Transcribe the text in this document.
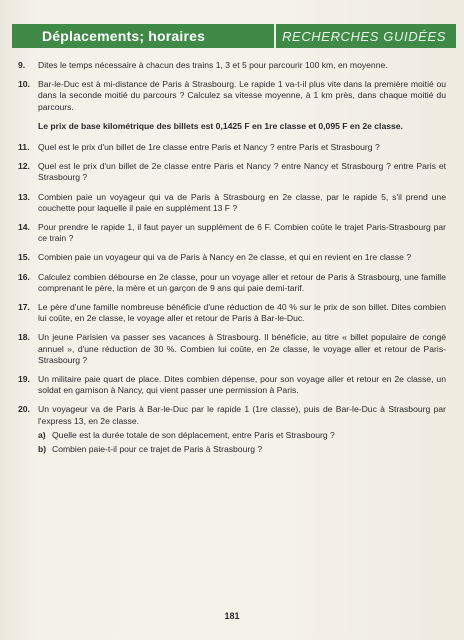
Déplacements; horaires	RECHERCHES GUIDÉES
9.	Dites le temps nécessaire à chacun des trains 1, 3 et 5 pour parcourir 100 km, en moyenne.
10. Bar-le-Duc est à mi-distance de Paris à Strasbourg. Le rapide 1 va-t-il plus vite dans la première moitié ou dans la seconde moitié du parcours ? Calculez sa vitesse moyenne, à 1 km près, dans chaque moitié du parcours.
Le prix de base kilométrique des billets est 0,1425 F en 1re classe et 0,095 F en 2e classe.
11. Quel est le prix d'un billet de 1re classe entre Paris et Nancy ? entre Paris et Strasbourg ?
12. Quel est le prix d'un billet de 2e classe entre Paris et Nancy ? entre Nancy et Strasbourg ? entre Paris et Strasbourg ?
13. Combien paie un voyageur qui va de Paris à Strasbourg en 2e classe, par le rapide 5, s'il prend une couchette pour laquelle il paie en supplément 13 F ?
14. Pour prendre le rapide 1, il faut payer un supplément de 6 F. Combien coûte le trajet Paris-Strasbourg par ce train ?
15. Combien paie un voyageur qui va de Paris à Nancy en 2e classe, et qui en revient en 1re classe ?
16. Calculez combien débourse en 2e classe, pour un voyage aller et retour de Paris à Strasbourg, une famille comprenant le père, la mère et un garçon de 9 ans qui paie demi-tarif.
17. Le père d'une famille nombreuse bénéficie d'une réduction de 40 % sur le prix de son billet. Dites combien lui coûte, en 2e classe, le voyage aller et retour de Paris à Bar-le-Duc.
18. Un jeune Parisien va passer ses vacances à Strasbourg. Il bénéficie, au titre « billet populaire de congé annuel », d'une réduction de 30 %. Combien lui coûte, en 2e classe, le voyage aller et retour de Paris-Strasbourg ?
19. Un militaire paie quart de place. Dites combien dépense, pour son voyage aller et retour en 2e classe, un soldat en garnison à Nancy, qui vient passer une permission à Paris.
20. Un voyageur va de Paris à Bar-le-Duc par le rapide 1 (1re classe), puis de Bar-le-Duc à Strasbourg par l'express 13, en 2e classe.
a) Quelle est la durée totale de son déplacement, entre Paris et Strasbourg ?
b) Combien paie-t-il pour ce trajet de Paris à Strasbourg ?
181
